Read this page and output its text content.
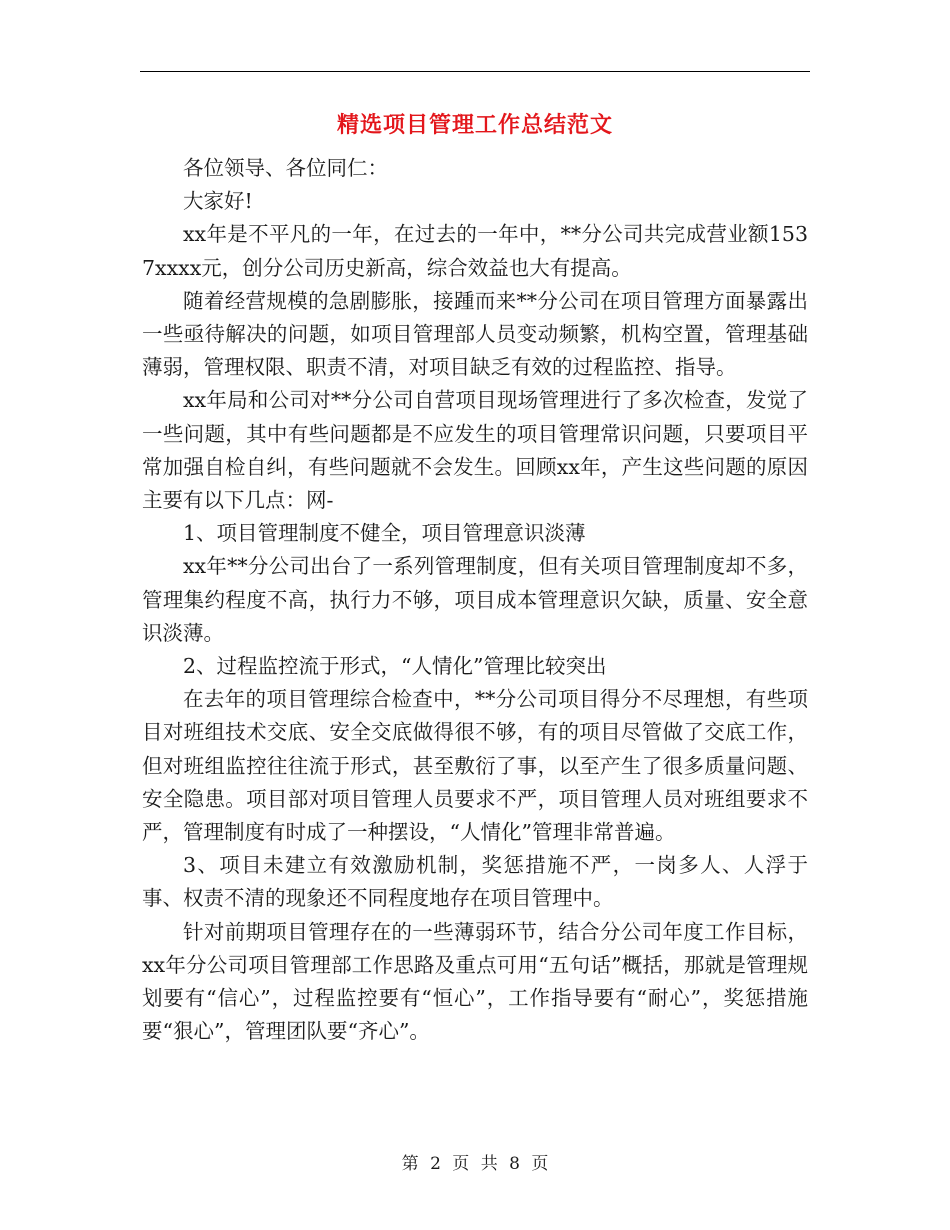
精选项目管理工作总结范文

各位领导、各位同仁：

大家好!

xx年是不平凡的一年，在过去的一年中，**分公司共完成营业额1537xxxx元，创分公司历史新高，综合效益也大有提高。

随着经营规模的急剧膨胀，接踵而来**分公司在项目管理方面暴露出一些亟待解决的问题，如项目管理部人员变动频繁，机构空置，管理基础薄弱，管理权限、职责不清，对项目缺乏有效的过程监控、指导。

xx年局和公司对**分公司自营项目现场管理进行了多次检查，发觉了一些问题，其中有些问题都是不应发生的项目管理常识问题，只要项目平常加强自检自纠，有些问题就不会发生。回顾xx年，产生这些问题的原因主要有以下几点：网-

1、项目管理制度不健全，项目管理意识淡薄

xx年**分公司出台了一系列管理制度，但有关项目管理制度却不多，管理集约程度不高，执行力不够，项目成本管理意识欠缺，质量、安全意识淡薄。

2、过程监控流于形式，“人情化”管理比较突出

在去年的项目管理综合检查中，**分公司项目得分不尽理想，有些项目对班组技术交底、安全交底做得很不够，有的项目尽管做了交底工作，但对班组监控往往流于形式，甚至敷衍了事，以至产生了很多质量问题、安全隐患。项目部对项目管理人员要求不严，项目管理人员对班组要求不严，管理制度有时成了一种摆设，“人情化”管理非常普遍。

3、项目未建立有效激励机制，奖惩措施不严，一岗多人、人浮于事、权责不清的现象还不同程度地存在项目管理中。

针对前期项目管理存在的一些薄弱环节，结合分公司年度工作目标，xx年分公司项目管理部工作思路及重点可用“五句话”概括，那就是管理规划要有“信心”，过程监控要有“恒心”，工作指导要有“耐心”，奖惩措施要“狠心”，管理团队要“齐心”。

第 2 页 共 8 页
